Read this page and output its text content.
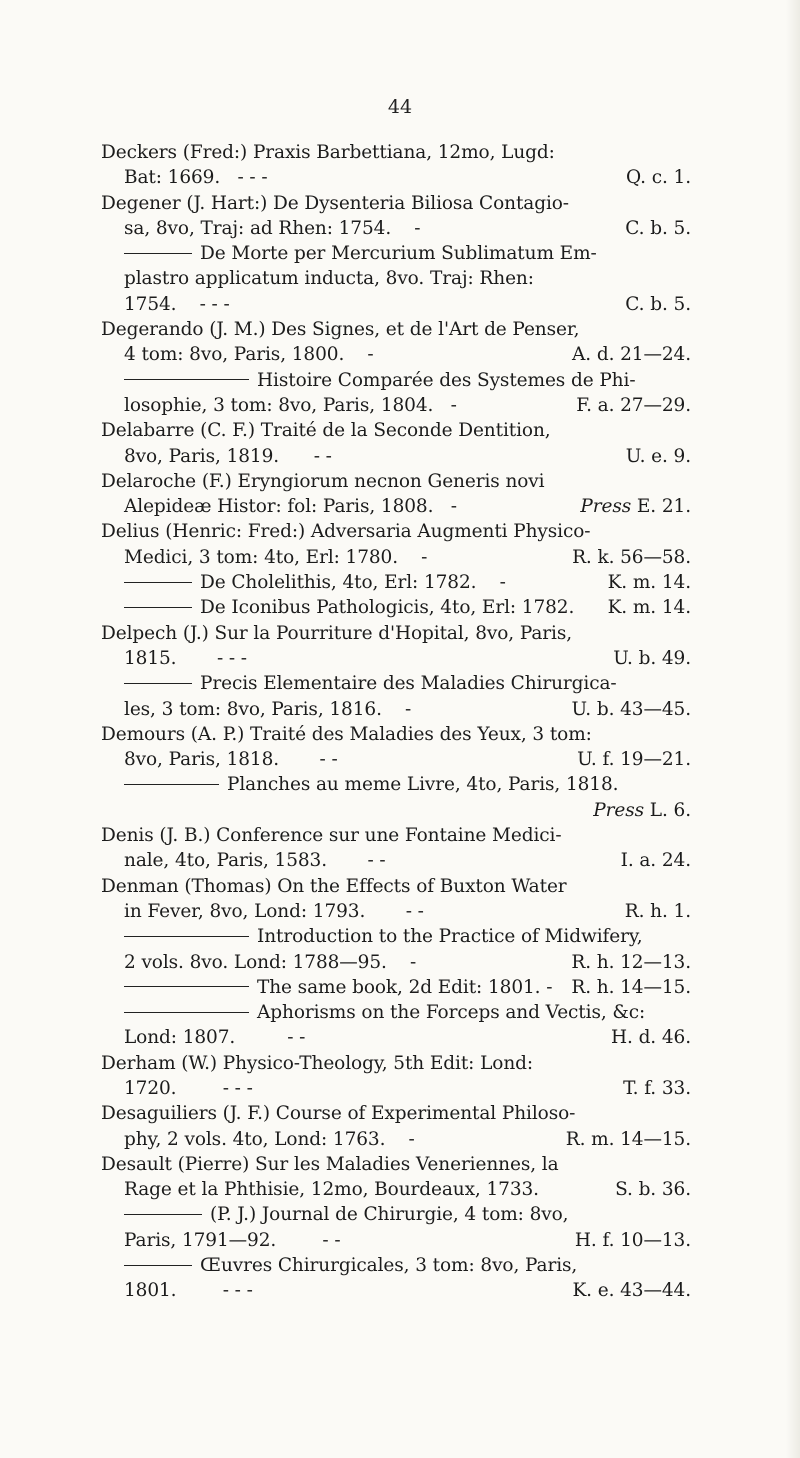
44
Deckers (Fred:) Praxis Barbettiana, 12mo, Lugd:
Bat: 1669. - - -	Q. c. 1.
Degener (J. Hart:) De Dysenteria Biliosa Contagio-
sa, 8vo, Traj: ad Rhen: 1754. -	C. b. 5.
De Morte per Mercurium Sublimatum Em-
plastro applicatum inducta, 8vo. Traj: Rhen:
1754. - - -	C. b. 5.
Degerando (J. M.) Des Signes, et de l'Art de Penser,
4 tom: 8vo, Paris, 1800. -	A. d. 21—24.
Histoire Comparée des Systemes de Phi-
losophie, 3 tom: 8vo, Paris, 1804. -	F. a. 27—29.
Delabarre (C. F.) Traité de la Seconde Dentition,
8vo, Paris, 1819. - -	U. e. 9.
Delaroche (F.) Eryngiorum necnon Generis novi
Alepideæ Histor: fol: Paris, 1808. -	Press E. 21.
Delius (Henric: Fred:) Adversaria Augmenti Physico-
Medici, 3 tom: 4to, Erl: 1780. -	R. k. 56—58.
De Cholelithis, 4to, Erl: 1782. -	K. m. 14.
De Iconibus Pathologicis, 4to, Erl: 1782. K. m. 14.
Delpech (J.) Sur la Pourriture d'Hopital, 8vo, Paris,
1815. - - -	U. b. 49.
Precis Elementaire des Maladies Chirurgica-
les, 3 tom: 8vo, Paris, 1816. -	U. b. 43—45.
Demours (A. P.) Traité des Maladies des Yeux, 3 tom:
8vo, Paris, 1818. - -	U. f. 19—21.
Planches au meme Livre, 4to, Paris, 1818.
Press L. 6.
Denis (J. B.) Conference sur une Fontaine Medici-
nale, 4to, Paris, 1583. - -	I. a. 24.
Denman (Thomas) On the Effects of Buxton Water
in Fever, 8vo, Lond: 1793. - -	R. h. 1.
Introduction to the Practice of Midwifery,
2 vols. 8vo. Lond: 1788—95. -	R. h. 12—13.
The same book, 2d Edit: 1801. - R. h. 14—15.
Aphorisms on the Forceps and Vectis, &c:
Lond: 1807.	- -	H. d. 46.
Derham (W.) Physico-Theology, 5th Edit: Lond:
1720.	- - -	T. f. 33.
Desaguiliers (J. F.) Course of Experimental Philoso-
phy, 2 vols. 4to, Lond: 1763. -	R. m. 14—15.
Desault (Pierre) Sur les Maladies Veneriennes, la
Rage et la Phthisie, 12mo, Bourdeaux, 1733.	S. b. 36.
(P. J.) Journal de Chirurgie, 4 tom: 8vo,
Paris, 1791—92.	- -	H. f. 10—13.
Œuvres Chirurgicales, 3 tom: 8vo, Paris,
1801.	- - -	K. e. 43—44.
